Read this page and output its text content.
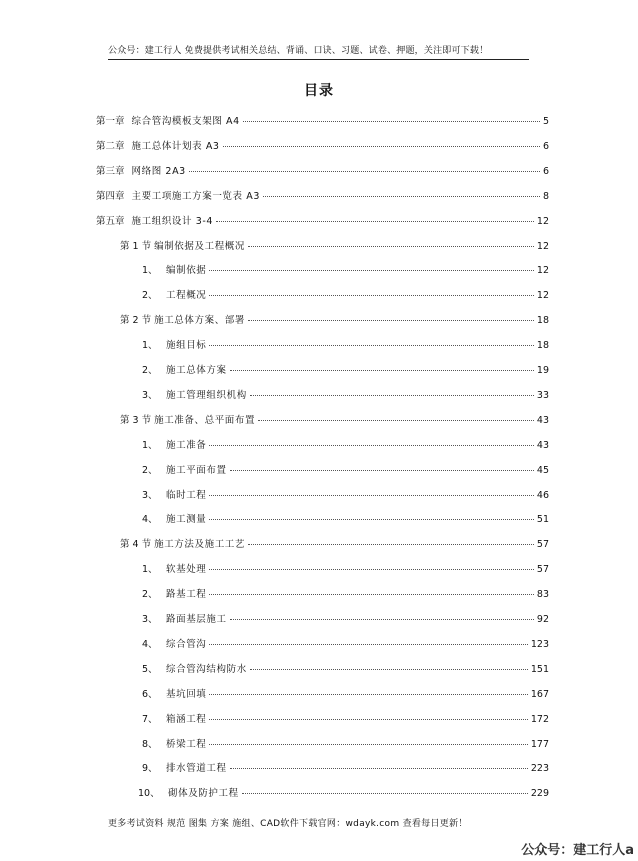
公众号：建工行人 免费提供考试相关总结、背诵、口诀、习题、试卷、押题，关注即可下载！
目录
第一章 综合管沟模板支架图 A4	5
第二章 施工总体计划表 A3	6
第三章 网络图 2A3	6
第四章 主要工项施工方案一览表 A3	8
第五章 施工组织设计 3-4	12
第 1 节 编制依据及工程概况	12
1、 编制依据	12
2、 工程概况	12
第 2 节 施工总体方案、部署	18
1、 施组目标	18
2、 施工总体方案	19
3、 施工管理组织机构	33
第 3 节 施工准备、总平面布置	43
1、 施工准备	43
2、 施工平面布置	45
3、 临时工程	46
4、 施工测量	51
第 4 节 施工方法及施工工艺	57
1、 软基处理	57
2、 路基工程	83
3、 路面基层施工	92
4、 综合管沟	123
5、 综合管沟结构防水	151
6、 基坑回填	167
7、 箱涵工程	172
8、 桥梁工程	177
9、 排水管道工程	223
10、 砌体及防护工程	229
更多考试资料 规范 图集 方案 施组、CAD软件下载官网：wdayk.com 查看每日更新！
公众号：建工行人a
